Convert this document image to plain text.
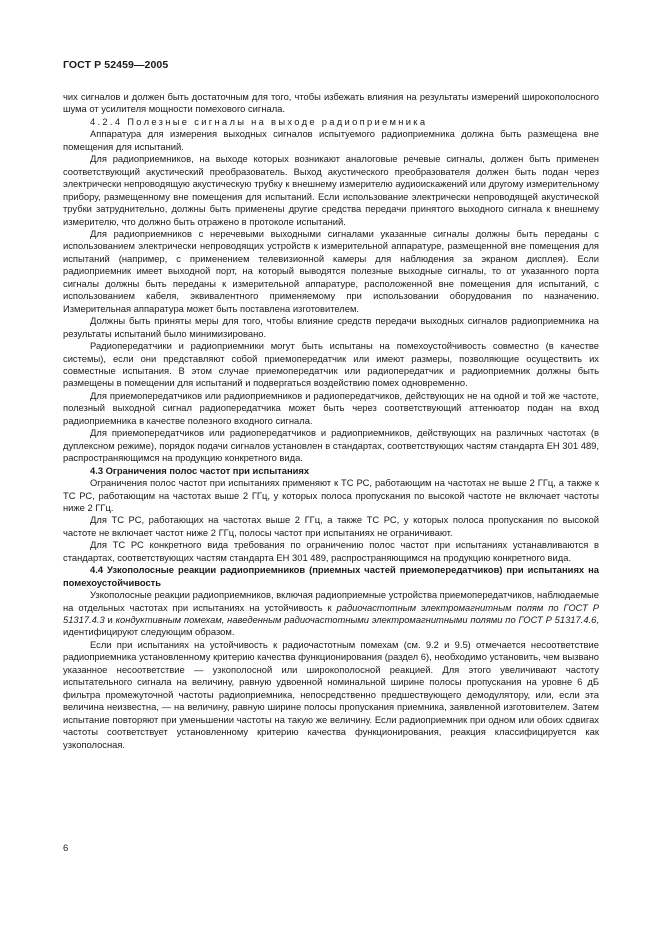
ГОСТ Р 52459—2005

чих сигналов и должен быть достаточным для того, чтобы избежать влияния на результаты измерений широкополосного шума от усилителя мощности помехового сигнала.

4.2.4 Полезные сигналы на выходе радиоприемника

Аппаратура для измерения выходных сигналов испытуемого радиоприемника должна быть размещена вне помещения для испытаний.

Для радиоприемников, на выходе которых возникают аналоговые речевые сигналы, должен быть применен соответствующий акустический преобразователь. Выход акустического преобразователя должен быть подан через электрически непроводящую акустическую трубку к внешнему измерителю аудиоискажений или другому измерительному прибору, размещенному вне помещения для испытаний. Если использование электрически непроводящей акустической трубки затруднительно, должны быть применены другие средства передачи принятого выходного сигнала к внешнему измерителю, что должно быть отражено в протоколе испытаний.

Для радиоприемников с неречевыми выходными сигналами указанные сигналы должны быть переданы с использованием электрически непроводящих устройств к измерительной аппаратуре, размещенной вне помещения для испытаний (например, с применением телевизионной камеры для наблюдения за экраном дисплея). Если радиоприемник имеет выходной порт, на который выводятся полезные выходные сигналы, то от указанного порта сигналы должны быть переданы к измерительной аппаратуре, расположенной вне помещения для испытаний, с использованием кабеля, эквивалентного применяемому при использовании оборудования по назначению. Измерительная аппаратура может быть поставлена изготовителем.

Должны быть приняты меры для того, чтобы влияние средств передачи выходных сигналов радиоприемника на результаты испытаний было минимизировано.

Радиопередатчики и радиоприемники могут быть испытаны на помехоустойчивость совместно (в качестве системы), если они представляют собой приемопередатчик или имеют размеры, позволяющие осуществить их совместные испытания. В этом случае приемопередатчик или радиопередатчик и радиоприемник должны быть размещены в помещении для испытаний и подвергаться воздействию помех одновременно.

Для приемопередатчиков или радиоприемников и радиопередатчиков, действующих не на одной и той же частоте, полезный выходной сигнал радиопередатчика может быть через соответствующий аттенюатор подан на вход радиоприемника в качестве полезного входного сигнала.

Для приемопередатчиков или радиопередатчиков и радиоприемников, действующих на различных частотах (в дуплексном режиме), порядок подачи сигналов установлен в стандартах, соответствующих частям стандарта ЕН 301 489, распространяющимся на продукцию конкретного вида.

4.3 Ограничения полос частот при испытаниях

Ограничения полос частот при испытаниях применяют к ТС РС, работающим на частотах не выше 2 ГГц, а также к ТС РС, работающим на частотах выше 2 ГГц, у которых полоса пропускания по высокой частоте не включает частоты ниже 2 ГГц.

Для ТС РС, работающих на частотах выше 2 ГГц, а также ТС РС, у которых полоса пропускания по высокой частоте не включает частот ниже 2 ГГц, полосы частот при испытаниях не ограничивают.

Для ТС РС конкретного вида требования по ограничению полос частот при испытаниях устанавливаются в стандартах, соответствующих частям стандарта ЕН 301 489, распространяющимся на продукцию конкретного вида.

4.4 Узкополосные реакции радиоприемников (приемных частей приемопередатчиков) при испытаниях на помехоустойчивость

Узкополосные реакции радиоприемников, включая радиоприемные устройства приемопередатчиков, наблюдаемые на отдельных частотах при испытаниях на устойчивость к радиочастотным электромагнитным полям по ГОСТ Р 51317.4.3 и кондуктивным помехам, наведенным радиочастотными электромагнитными полями по ГОСТ Р 51317.4.6, идентифицируют следующим образом.

Если при испытаниях на устойчивость к радиочастотным помехам (см. 9.2 и 9.5) отмечается несоответствие радиоприемника установленному критерию качества функционирования (раздел 6), необходимо установить, чем вызвано указанное несоответствие — узкополосной или широкополосной реакцией. Для этого увеличивают частоту испытательного сигнала на величину, равную удвоенной номинальной ширине полосы пропускания на уровне 6 дБ фильтра промежуточной частоты радиоприемника, непосредственно предшествующего демодулятору, или, если эта величина неизвестна, — на величину, равную ширине полосы пропускания приемника, заявленной изготовителем. Затем испытание повторяют при уменьшении частоты на такую же величину. Если радиоприемник при одном или обоих сдвигах частоты соответствует установленному критерию качества функционирования, реакция классифицируется как узкополосная.

6
